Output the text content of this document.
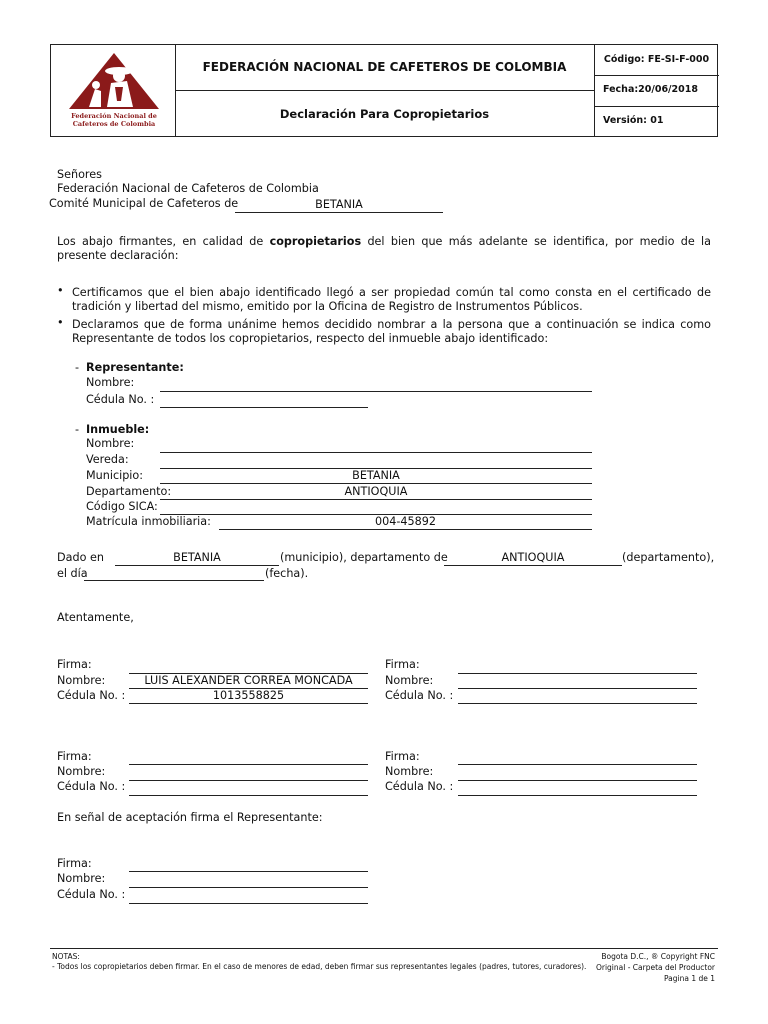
Federación Nacional de
Cafeteros de Colombia
FEDERACIÓN NACIONAL DE CAFETEROS DE COLOMBIA
Declaración Para Copropietarios
Código: FE-SI-F-000
Fecha:20/06/2018
Versión: 01
Señores
Federación Nacional de Cafeteros de Colombia
Comité Municipal de Cafeteros de	BETANIA
Los abajo firmantes, en calidad de copropietarios del bien que más adelante se identifica, por medio de la presente declaración:
• Certificamos que el bien abajo identificado llegó a ser propiedad común tal como consta en el certificado de tradición y libertad del mismo, emitido por la Oficina de Registro de Instrumentos Públicos.
• Declaramos que de forma unánime hemos decidido nombrar a la persona que a continuación se indica como Representante de todos los copropietarios, respecto del inmueble abajo identificado:
- Representante:
Nombre:
Cédula No. :
- Inmueble:
Nombre:
Vereda:
Municipio:	BETANIA
Departamento:	ANTIOQUIA
Código SICA:
Matrícula inmobiliaria:	004-45892
Dado en	BETANIA	(municipio), departamento de	ANTIOQUIA	(departamento),
el día	(fecha).
Atentamente,
Firma:
Nombre:	LUIS ALEXANDER CORREA MONCADA
Cédula No. :	1013558825
Firma:
Nombre:
Cédula No. :
Firma:
Nombre:
Cédula No. :
Firma:
Nombre:
Cédula No. :
En señal de aceptación firma el Representante:
Firma:
Nombre:
Cédula No. :
NOTAS:
- Todos los copropietarios deben firmar. En el caso de menores de edad, deben firmar sus representantes legales (padres, tutores, curadores).
Bogota D.C., ® Copyright FNC
Original - Carpeta del Productor
Pagina 1 de 1
